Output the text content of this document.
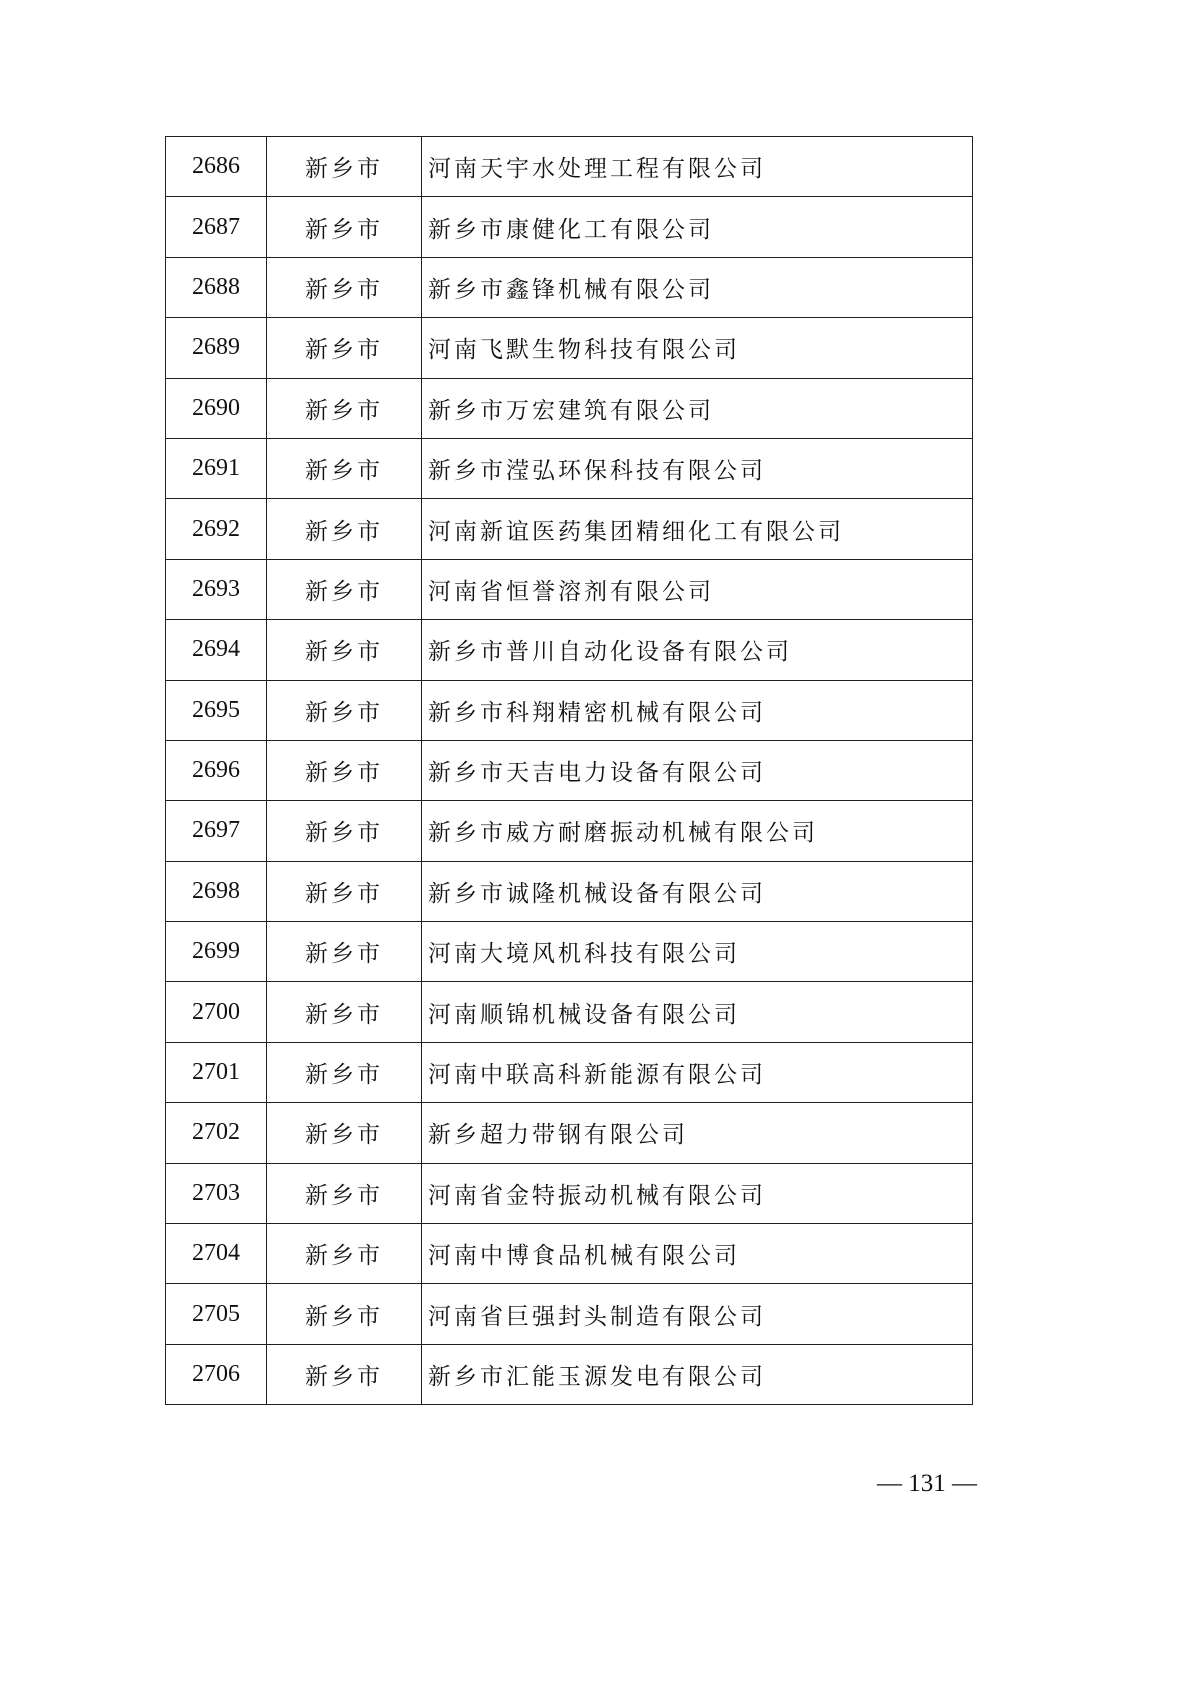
2686	新乡市	河南天宇水处理工程有限公司
2687	新乡市	新乡市康健化工有限公司
2688	新乡市	新乡市鑫锋机械有限公司
2689	新乡市	河南飞默生物科技有限公司
2690	新乡市	新乡市万宏建筑有限公司
2691	新乡市	新乡市滢弘环保科技有限公司
2692	新乡市	河南新谊医药集团精细化工有限公司
2693	新乡市	河南省恒誉溶剂有限公司
2694	新乡市	新乡市普川自动化设备有限公司
2695	新乡市	新乡市科翔精密机械有限公司
2696	新乡市	新乡市天吉电力设备有限公司
2697	新乡市	新乡市威方耐磨振动机械有限公司
2698	新乡市	新乡市诚隆机械设备有限公司
2699	新乡市	河南大境风机科技有限公司
2700	新乡市	河南顺锦机械设备有限公司
2701	新乡市	河南中联高科新能源有限公司
2702	新乡市	新乡超力带钢有限公司
2703	新乡市	河南省金特振动机械有限公司
2704	新乡市	河南中博食品机械有限公司
2705	新乡市	河南省巨强封头制造有限公司
2706	新乡市	新乡市汇能玉源发电有限公司
— 131 —
